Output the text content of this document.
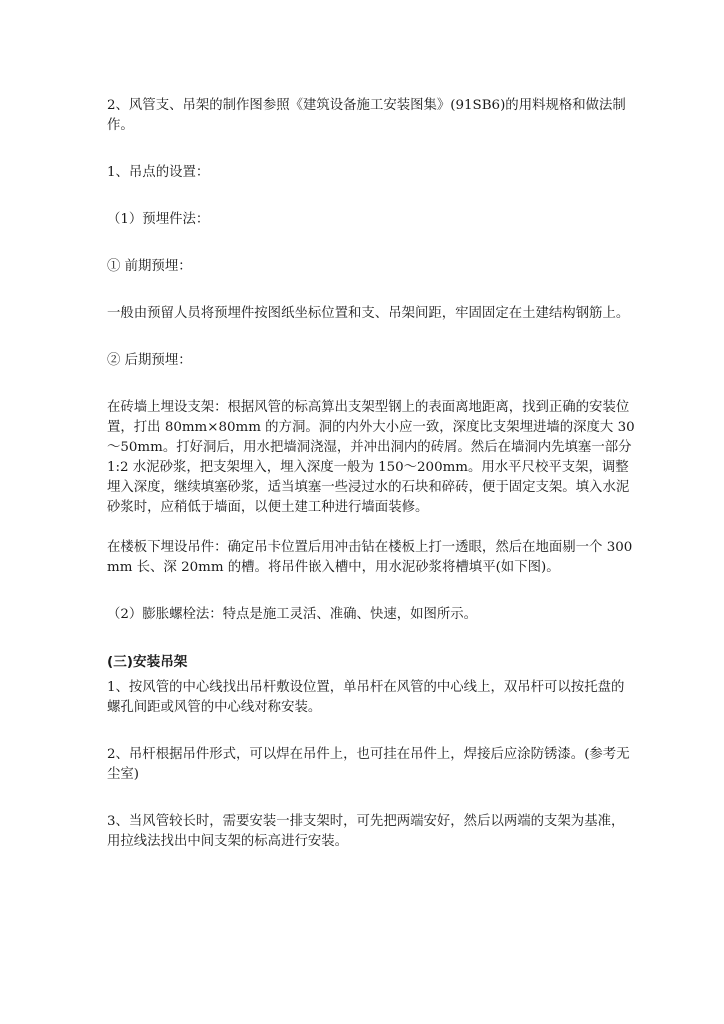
2、风管支、吊架的制作图参照《建筑设备施工安装图集》(91SB6)的用料规格和做法制作。

1、吊点的设置：

（1）预埋件法：

① 前期预埋：

一般由预留人员将预埋件按图纸坐标位置和支、吊架间距，牢固固定在土建结构钢筋上。

② 后期预埋：

在砖墙上埋设支架：根据风管的标高算出支架型钢上的表面离地距离，找到正确的安装位置，打出 80mm×80mm 的方洞。洞的内外大小应一致，深度比支架埋进墙的深度大 30～50mm。打好洞后，用水把墙洞浇湿，并冲出洞内的砖屑。然后在墙洞内先填塞一部分 1:2 水泥砂浆，把支架埋入，埋入深度一般为 150～200mm。用水平尺校平支架，调整埋入深度，继续填塞砂浆，适当填塞一些浸过水的石块和碎砖，便于固定支架。填入水泥砂浆时，应稍低于墙面，以便土建工种进行墙面装修。

在楼板下埋设吊件：确定吊卡位置后用冲击钻在楼板上打一透眼，然后在地面剔一个 300mm 长、深 20mm 的槽。将吊件嵌入槽中，用水泥砂浆将槽填平(如下图)。

（2）膨胀螺栓法：特点是施工灵活、准确、快速，如图所示。

(三)安装吊架

1、按风管的中心线找出吊杆敷设位置，单吊杆在风管的中心线上，双吊杆可以按托盘的螺孔间距或风管的中心线对称安装。

2、吊杆根据吊件形式，可以焊在吊件上，也可挂在吊件上，焊接后应涂防锈漆。(参考无尘室)

3、当风管较长时，需要安装一排支架时，可先把两端安好，然后以两端的支架为基准，用拉线法找出中间支架的标高进行安装。
